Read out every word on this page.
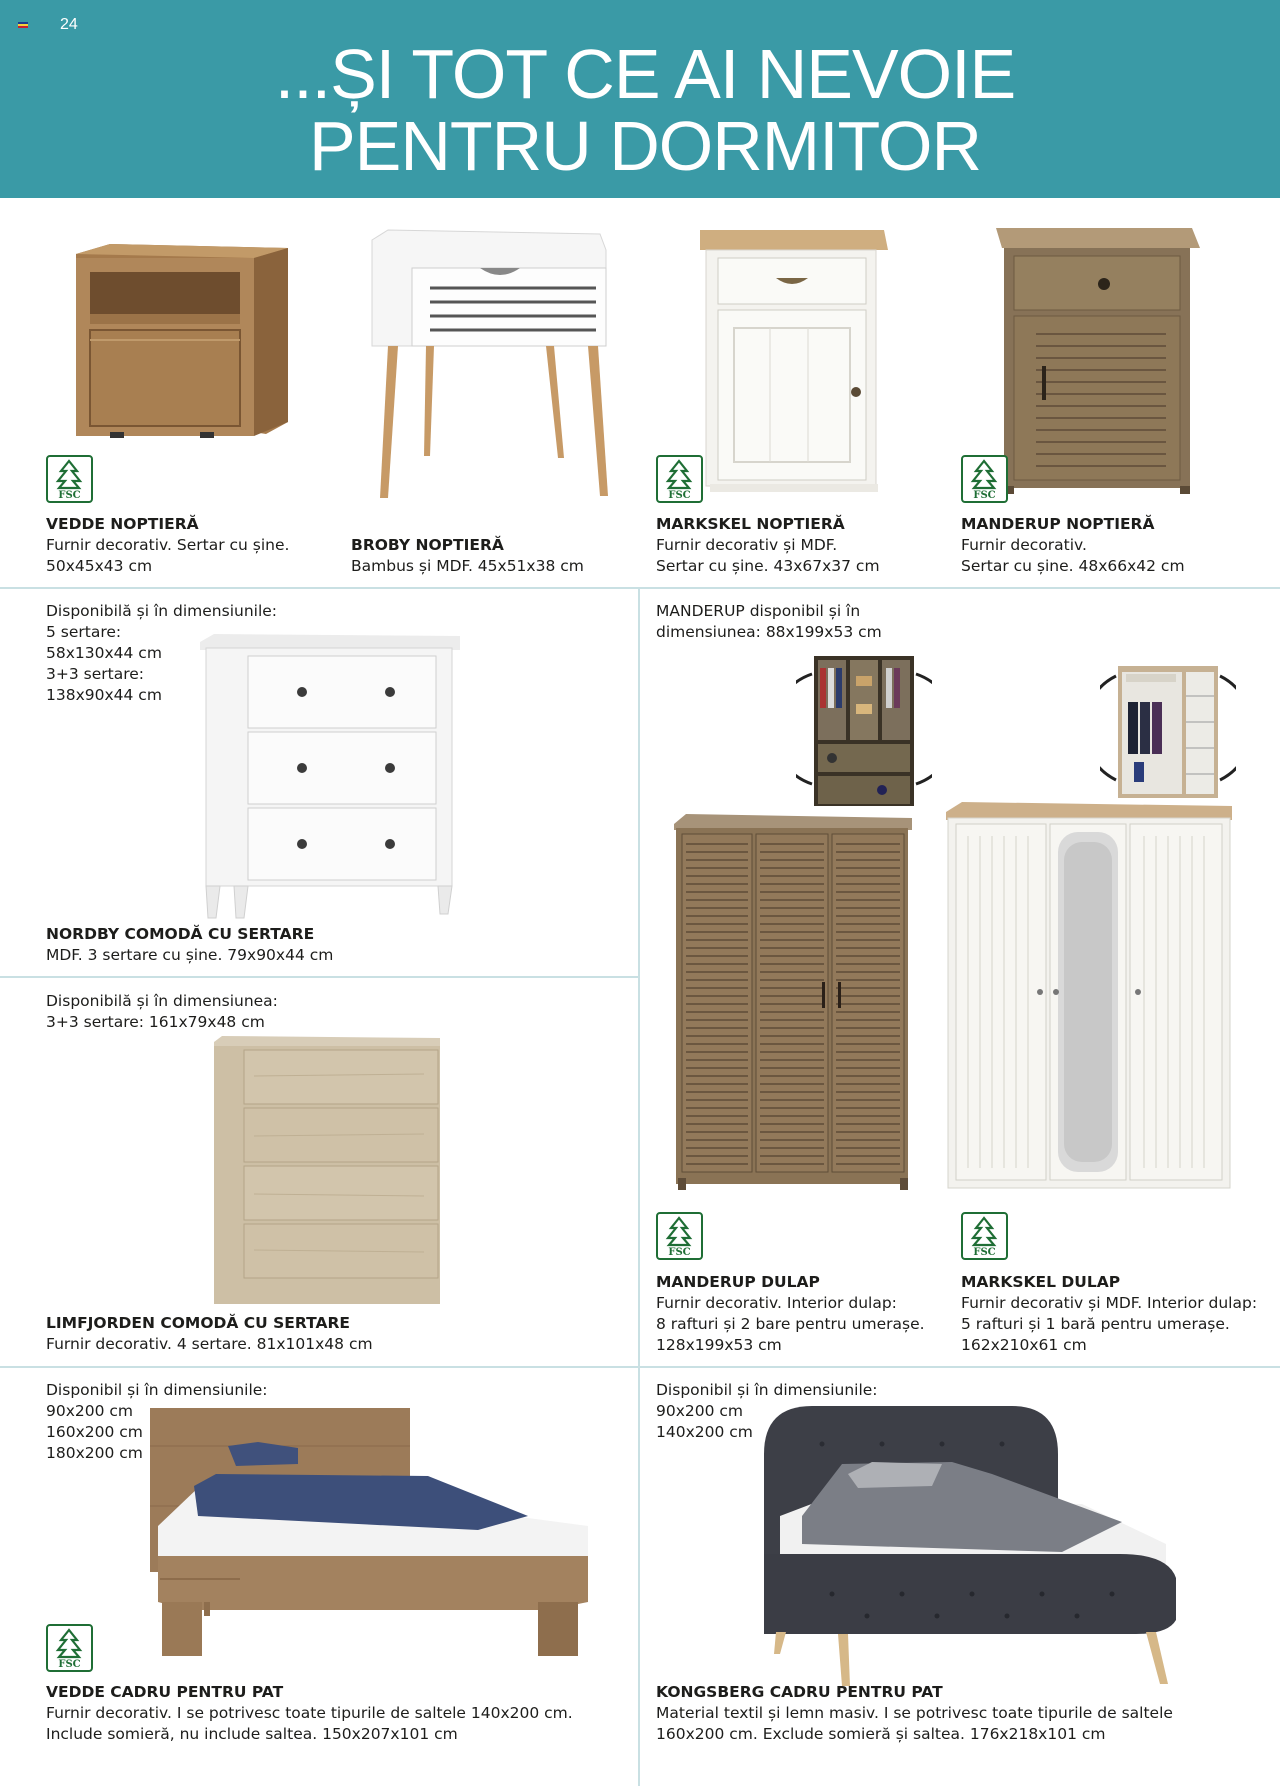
24
...ȘI TOT CE AI NEVOIE
PENTRU DORMITOR
FSC	FSC	FSC
VEDDE NOPTIERĂ
Furnir decorativ. Sertar cu șine.
50x45x43 cm
BROBY NOPTIERĂ
Bambus și MDF. 45x51x38 cm
MARKSKEL NOPTIERĂ
Furnir decorativ și MDF.
Sertar cu șine. 43x67x37 cm
MANDERUP NOPTIERĂ
Furnir decorativ.
Sertar cu șine. 48x66x42 cm
Disponibilă și în dimensiunile:
5 sertare:
58x130x44 cm
3+3 sertare:
138x90x44 cm
NORDBY COMODĂ CU SERTARE
MDF. 3 sertare cu șine. 79x90x44 cm
Disponibilă și în dimensiunea:
3+3 sertare: 161x79x48 cm
LIMFJORDEN COMODĂ CU SERTARE
Furnir decorativ. 4 sertare. 81x101x48 cm
MANDERUP disponibil și în
dimensiunea: 88x199x53 cm
FSC	FSC
MANDERUP DULAP
Furnir decorativ. Interior dulap:
8 rafturi și 2 bare pentru umerașe.
128x199x53 cm
MARKSKEL DULAP
Furnir decorativ și MDF. Interior dulap:
5 rafturi și 1 bară pentru umerașe.
162x210x61 cm
Disponibil și în dimensiunile:
90x200 cm
160x200 cm
180x200 cm
FSC
VEDDE CADRU PENTRU PAT
Furnir decorativ. I se potrivesc toate tipurile de saltele 140x200 cm.
Include somieră, nu include saltea. 150x207x101 cm
Disponibil și în dimensiunile:
90x200 cm
140x200 cm
KONGSBERG CADRU PENTRU PAT
Material textil și lemn masiv. I se potrivesc toate tipurile de saltele
160x200 cm. Exclude somieră și saltea. 176x218x101 cm
